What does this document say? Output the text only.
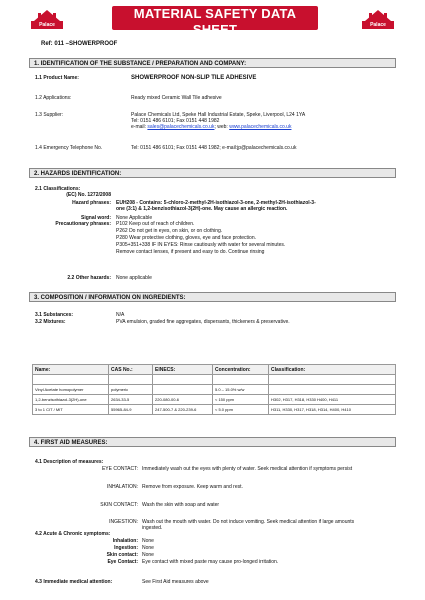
Palace	Palace
MATERIAL SAFETY DATA SHEET
VERSION 1 - EPD / 1999 / 45 / EC
Ref: 011 –SHOWERPROOF
1. IDENTIFICATION OF THE SUBSTANCE / PREPARATION AND COMPANY:
1.1 Product Name:	SHOWERPROOF NON-SLIP TILE ADHESIVE
1.2 Applications:	Ready mixed Ceramic Wall Tile adhesive
1.3 Supplier:	Palace Chemicals Ltd, Speke Hall Industrial Estate, Speke, Liverpool, L24 1YA
Tel: 0151 486 6101; Fax 0151 448 1982
e-mail: sales@palacechemicals.co.uk; web: www.palacechemicals.co.uk
1.4 Emergency Telephone No.	Tel: 0151 486 6101; Fax 0151 448 1982; e-mail:jp@palacechemicals.co.uk
2. HAZARDS IDENTIFICATION:
2.1 Classifications:
(EC) No. 1272/2008
Hazard phrases: EUH208 - Contains: 5-chloro-2-methyl-2H-isothiazol-3-one, 2-methyl-2H-isothiazol-3-
one (3:1) & 1,2-benzisothiazol-3(2H)-one. May cause an allergic reaction.
Signal word: None Applicable
Precautionary phrases: P102 Keep out of reach of children.
P262 Do not get in eyes, on skin, or on clothing.
P280 Wear protective clothing, gloves, eye and face protection.
P305+351+338 IF IN EYES: Rinse cautiously with water for several minutes.
Remove contact lenses, if present and easy to do. Continue rinsing
2.2 Other hazards: None applicable
3. COMPOSITION / INFORMATION ON INGREDIENTS:
3.1 Substances:	N/A
3.2 Mixtures:	PVA emulsion, graded fine aggregates, dispersants, thickeners & preservative.
Name:	CAS No.:	EINECS:	Concentration:	Classification:

Vinyl Acetate homopolymer	polymeric		5.0 – 15.0% w/w	
1,2-benzisothiazol-3(2H)-one	2634-33-5	220-080-00-6	< 150 ppm	H302, H317, H318, H330 H400, H411
3 to 1 CIT / MIT	55965-84-9	247-500-7 & 220-239-6	< 5.0 ppm	H311, H330, H317, H318, H314, H400, H410
4. FIRST AID MEASURES:
4.1 Description of measures:
EYE CONTACT: Immediately wash out the eyes with plenty of water. Seek medical attention if symptoms persist
INHALATION: Remove from exposure. Keep warm and rest.
SKIN CONTACT: Wash the skin with soap and water
INGESTION: Wash out the mouth with water. Do not induce vomiting. Seek medical attention if large amounts
ingested.
4.2 Acute & Chronic symptoms:
Inhalation: None
Ingestion: None
Skin contact: None
Eye Contact: Eye contact with mixed paste may cause pro-longed irritation.
4.3 Immediate medical attention:	See First Aid measures above
